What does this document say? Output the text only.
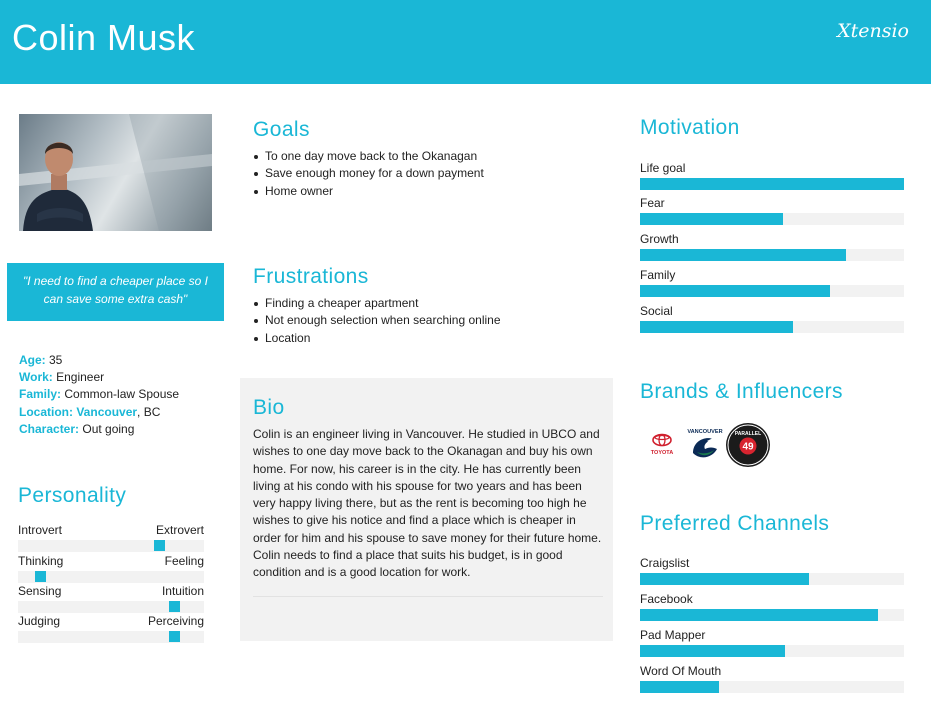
Colin Musk	Xtensio
"I need to find a cheaper place so I can save some extra cash"
Age: 35
Work: Engineer
Family: Common-law Spouse
Location: Vancouver, BC
Character: Out going
Personality
Introvert	Extrovert
Thinking	Feeling
Sensing	Intuition
Judging	Perceiving
Goals
To one day move back to the Okanagan
Save enough money for a down payment
Home owner
Frustrations
Finding a cheaper apartment
Not enough selection when searching online
Location
Bio
Colin is an engineer living in Vancouver. He studied in UBCO and wishes to one day move back to the Okanagan and buy his own home. For now, his career is in the city. He has currently been living at his condo with his spouse for two years and has been very happy living there, but as the rent is becoming too high he wishes to give his notice and find a place which is cheaper in order for him and his spouse to save money for their future home. Colin needs to find a place that suits his budget, is in good condition and is a good location for work.
Motivation
Life goal
Fear
Growth
Family
Social
Brands & Influencers
TOYOTA
VANCOUVER
49
PARALLEL
Preferred Channels
Craigslist
Facebook
Pad Mapper
Word Of Mouth
